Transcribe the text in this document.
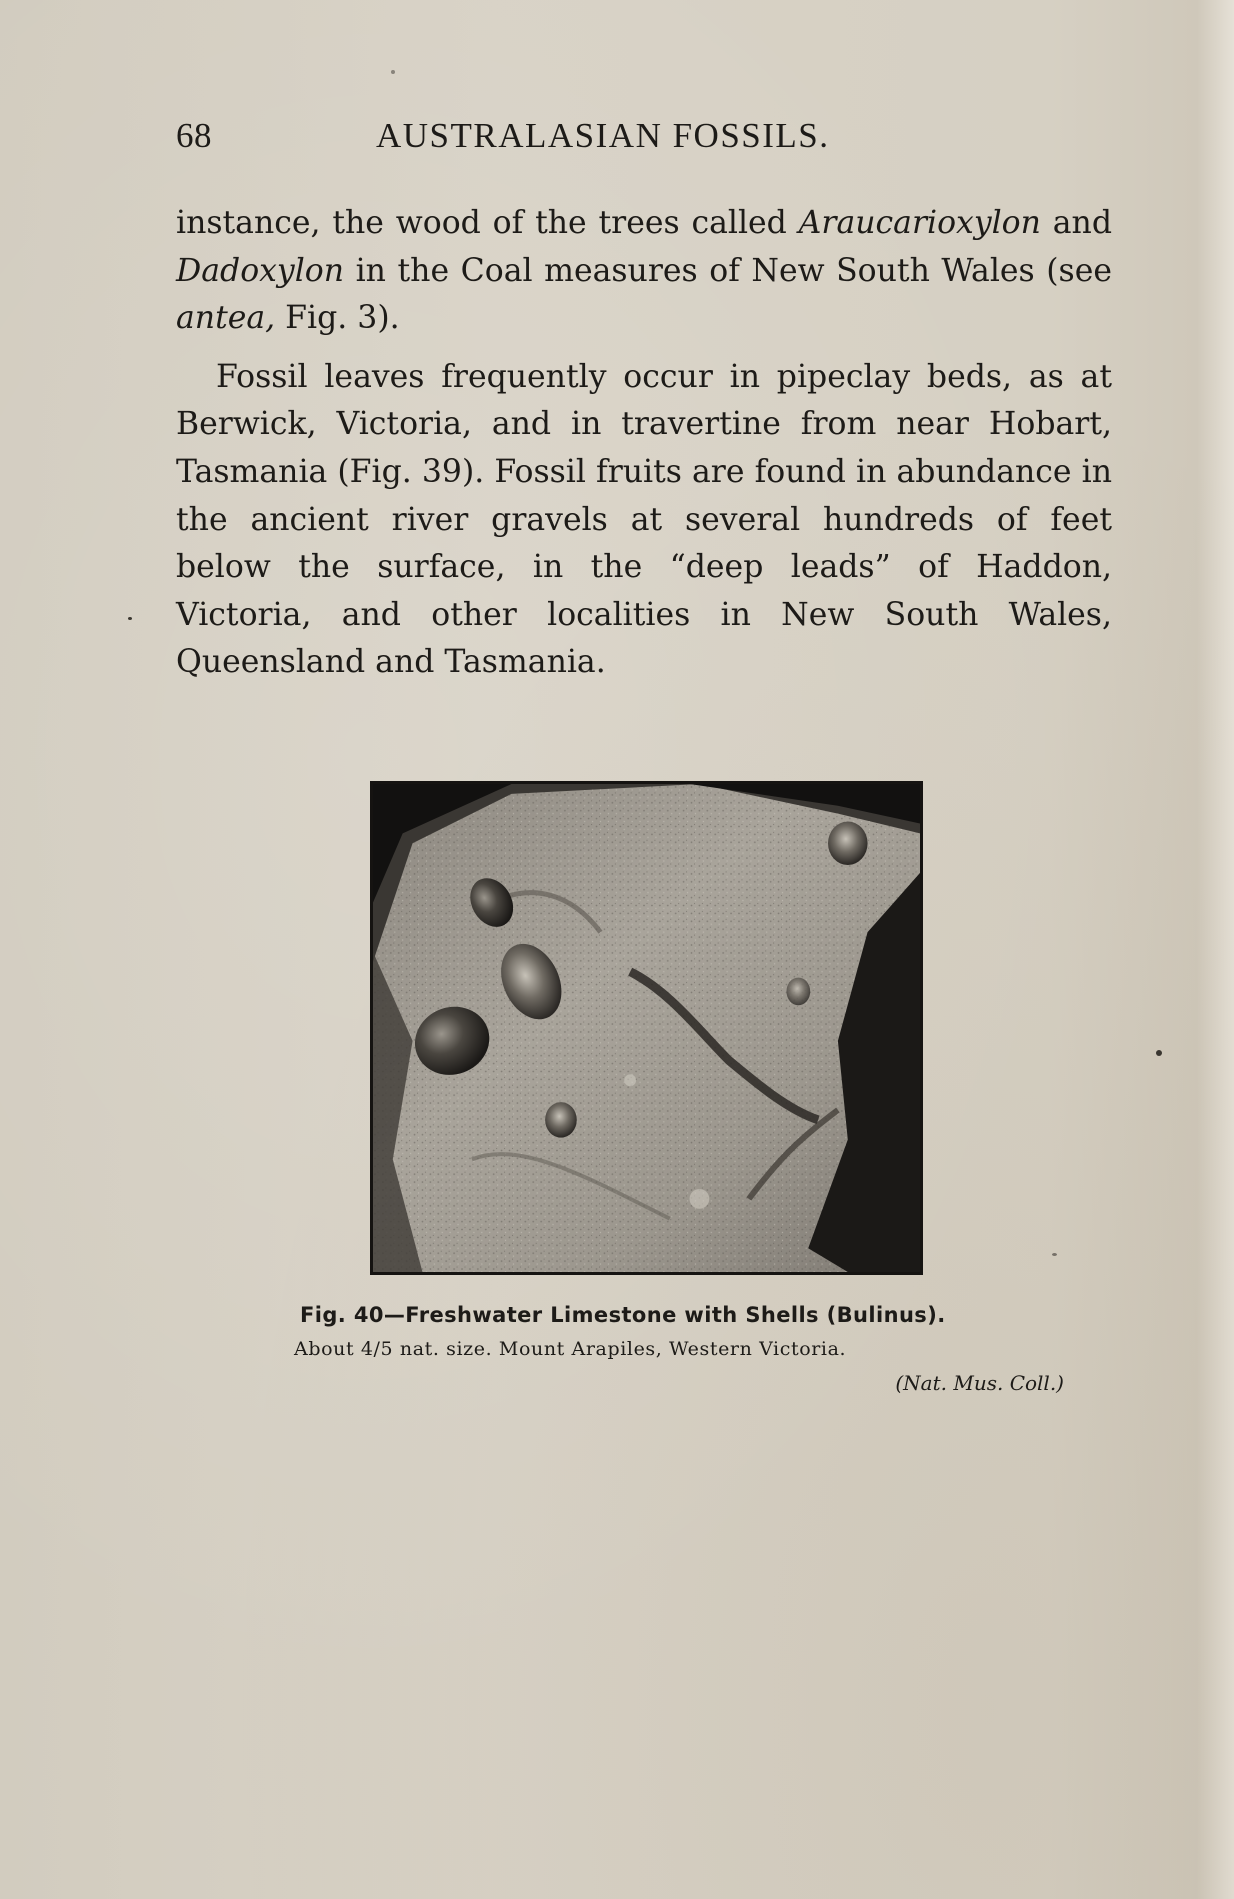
68	AUSTRALASIAN FOSSILS.

instance, the wood of the trees called Araucarioxylon and Dadoxylon in the Coal measures of New South Wales (see antea, Fig. 3).

Fossil leaves frequently occur in pipeclay beds, as at Berwick, Victoria, and in travertine from near Hobart, Tasmania (Fig. 39). Fossil fruits are found in abundance in the ancient river gravels at several hundreds of feet below the surface, in the “deep leads” of Haddon, Victoria, and other localities in New South Wales, Queensland and Tasmania.

Fig. 40—Freshwater Limestone with Shells (Bulinus).
About 4/5 nat. size. Mount Arapiles, Western Victoria.
(Nat. Mus. Coll.)
